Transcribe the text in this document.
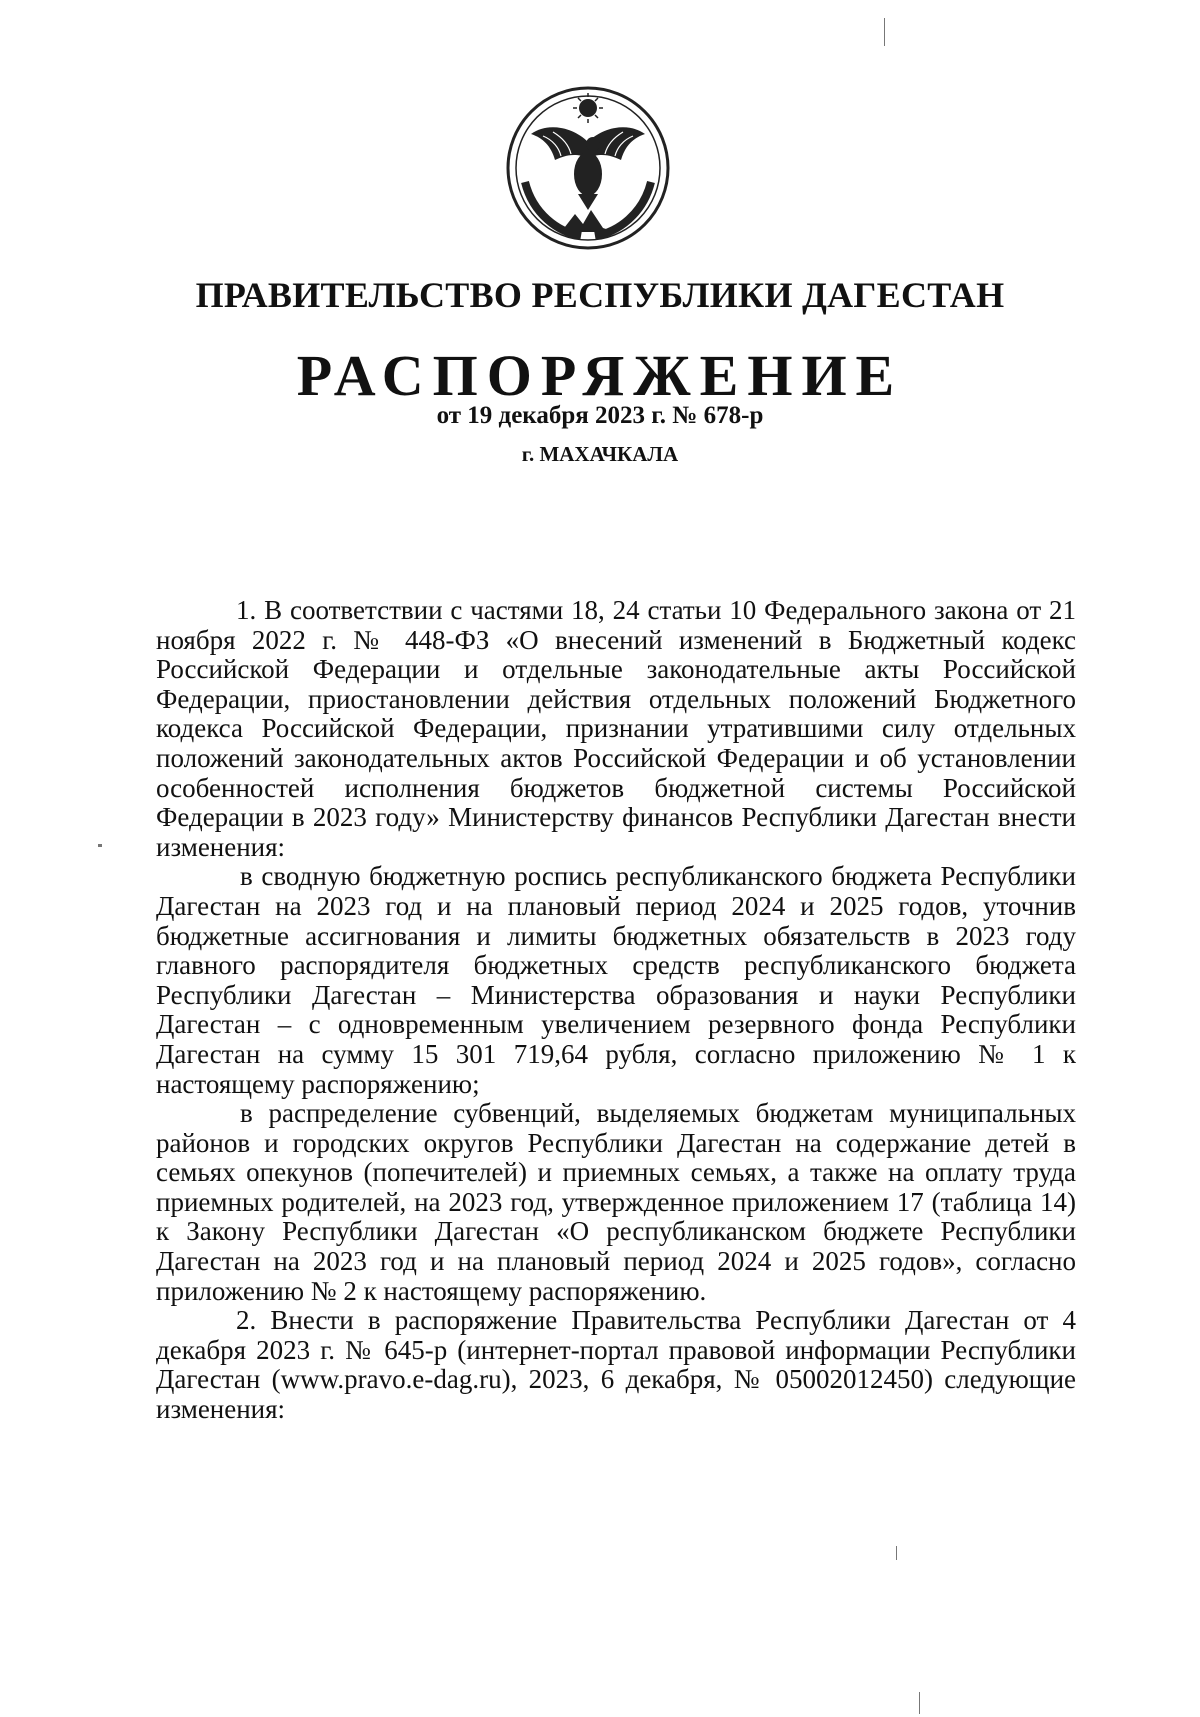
ПРАВИТЕЛЬСТВО РЕСПУБЛИКИ ДАГЕСТАН
РАСПОРЯЖЕНИЕ
от 19 декабря 2023 г. № 678-р
г. МАХАЧКАЛА

1. В соответствии с частями 18, 24 статьи 10 Федерального закона от 21 ноября 2022 г. № 448-ФЗ «О внесений изменений в Бюджетный кодекс Российской Федерации и отдельные законодательные акты Российской Федерации, приостановлении действия отдельных положений Бюджетного кодекса Российской Федерации, признании утратившими силу отдельных положений законодательных актов Российской Федерации и об установлении особенностей исполнения бюджетов бюджетной системы Российской Федерации в 2023 году» Министерству финансов Республики Дагестан внести изменения:

в сводную бюджетную роспись республиканского бюджета Республики Дагестан на 2023 год и на плановый период 2024 и 2025 годов, уточнив бюджетные ассигнования и лимиты бюджетных обязательств в 2023 году главного распорядителя бюджетных средств республиканского бюджета Республики Дагестан – Министерства образования и науки Республики Дагестан – с одновременным увеличением резервного фонда Республики Дагестан на сумму 15 301 719,64 рубля, согласно приложению № 1 к настоящему распоряжению;

в распределение субвенций, выделяемых бюджетам муниципальных районов и городских округов Республики Дагестан на содержание детей в семьях опекунов (попечителей) и приемных семьях, а также на оплату труда приемных родителей, на 2023 год, утвержденное приложением 17 (таблица 14) к Закону Республики Дагестан «О республиканском бюджете Республики Дагестан на 2023 год и на плановый период 2024 и 2025 годов», согласно приложению № 2 к настоящему распоряжению.

2. Внести в распоряжение Правительства Республики Дагестан от 4 декабря 2023 г. № 645-р (интернет-портал правовой информации Республики Дагестан (www.pravo.e-dag.ru), 2023, 6 декабря, № 05002012450) следующие изменения:
